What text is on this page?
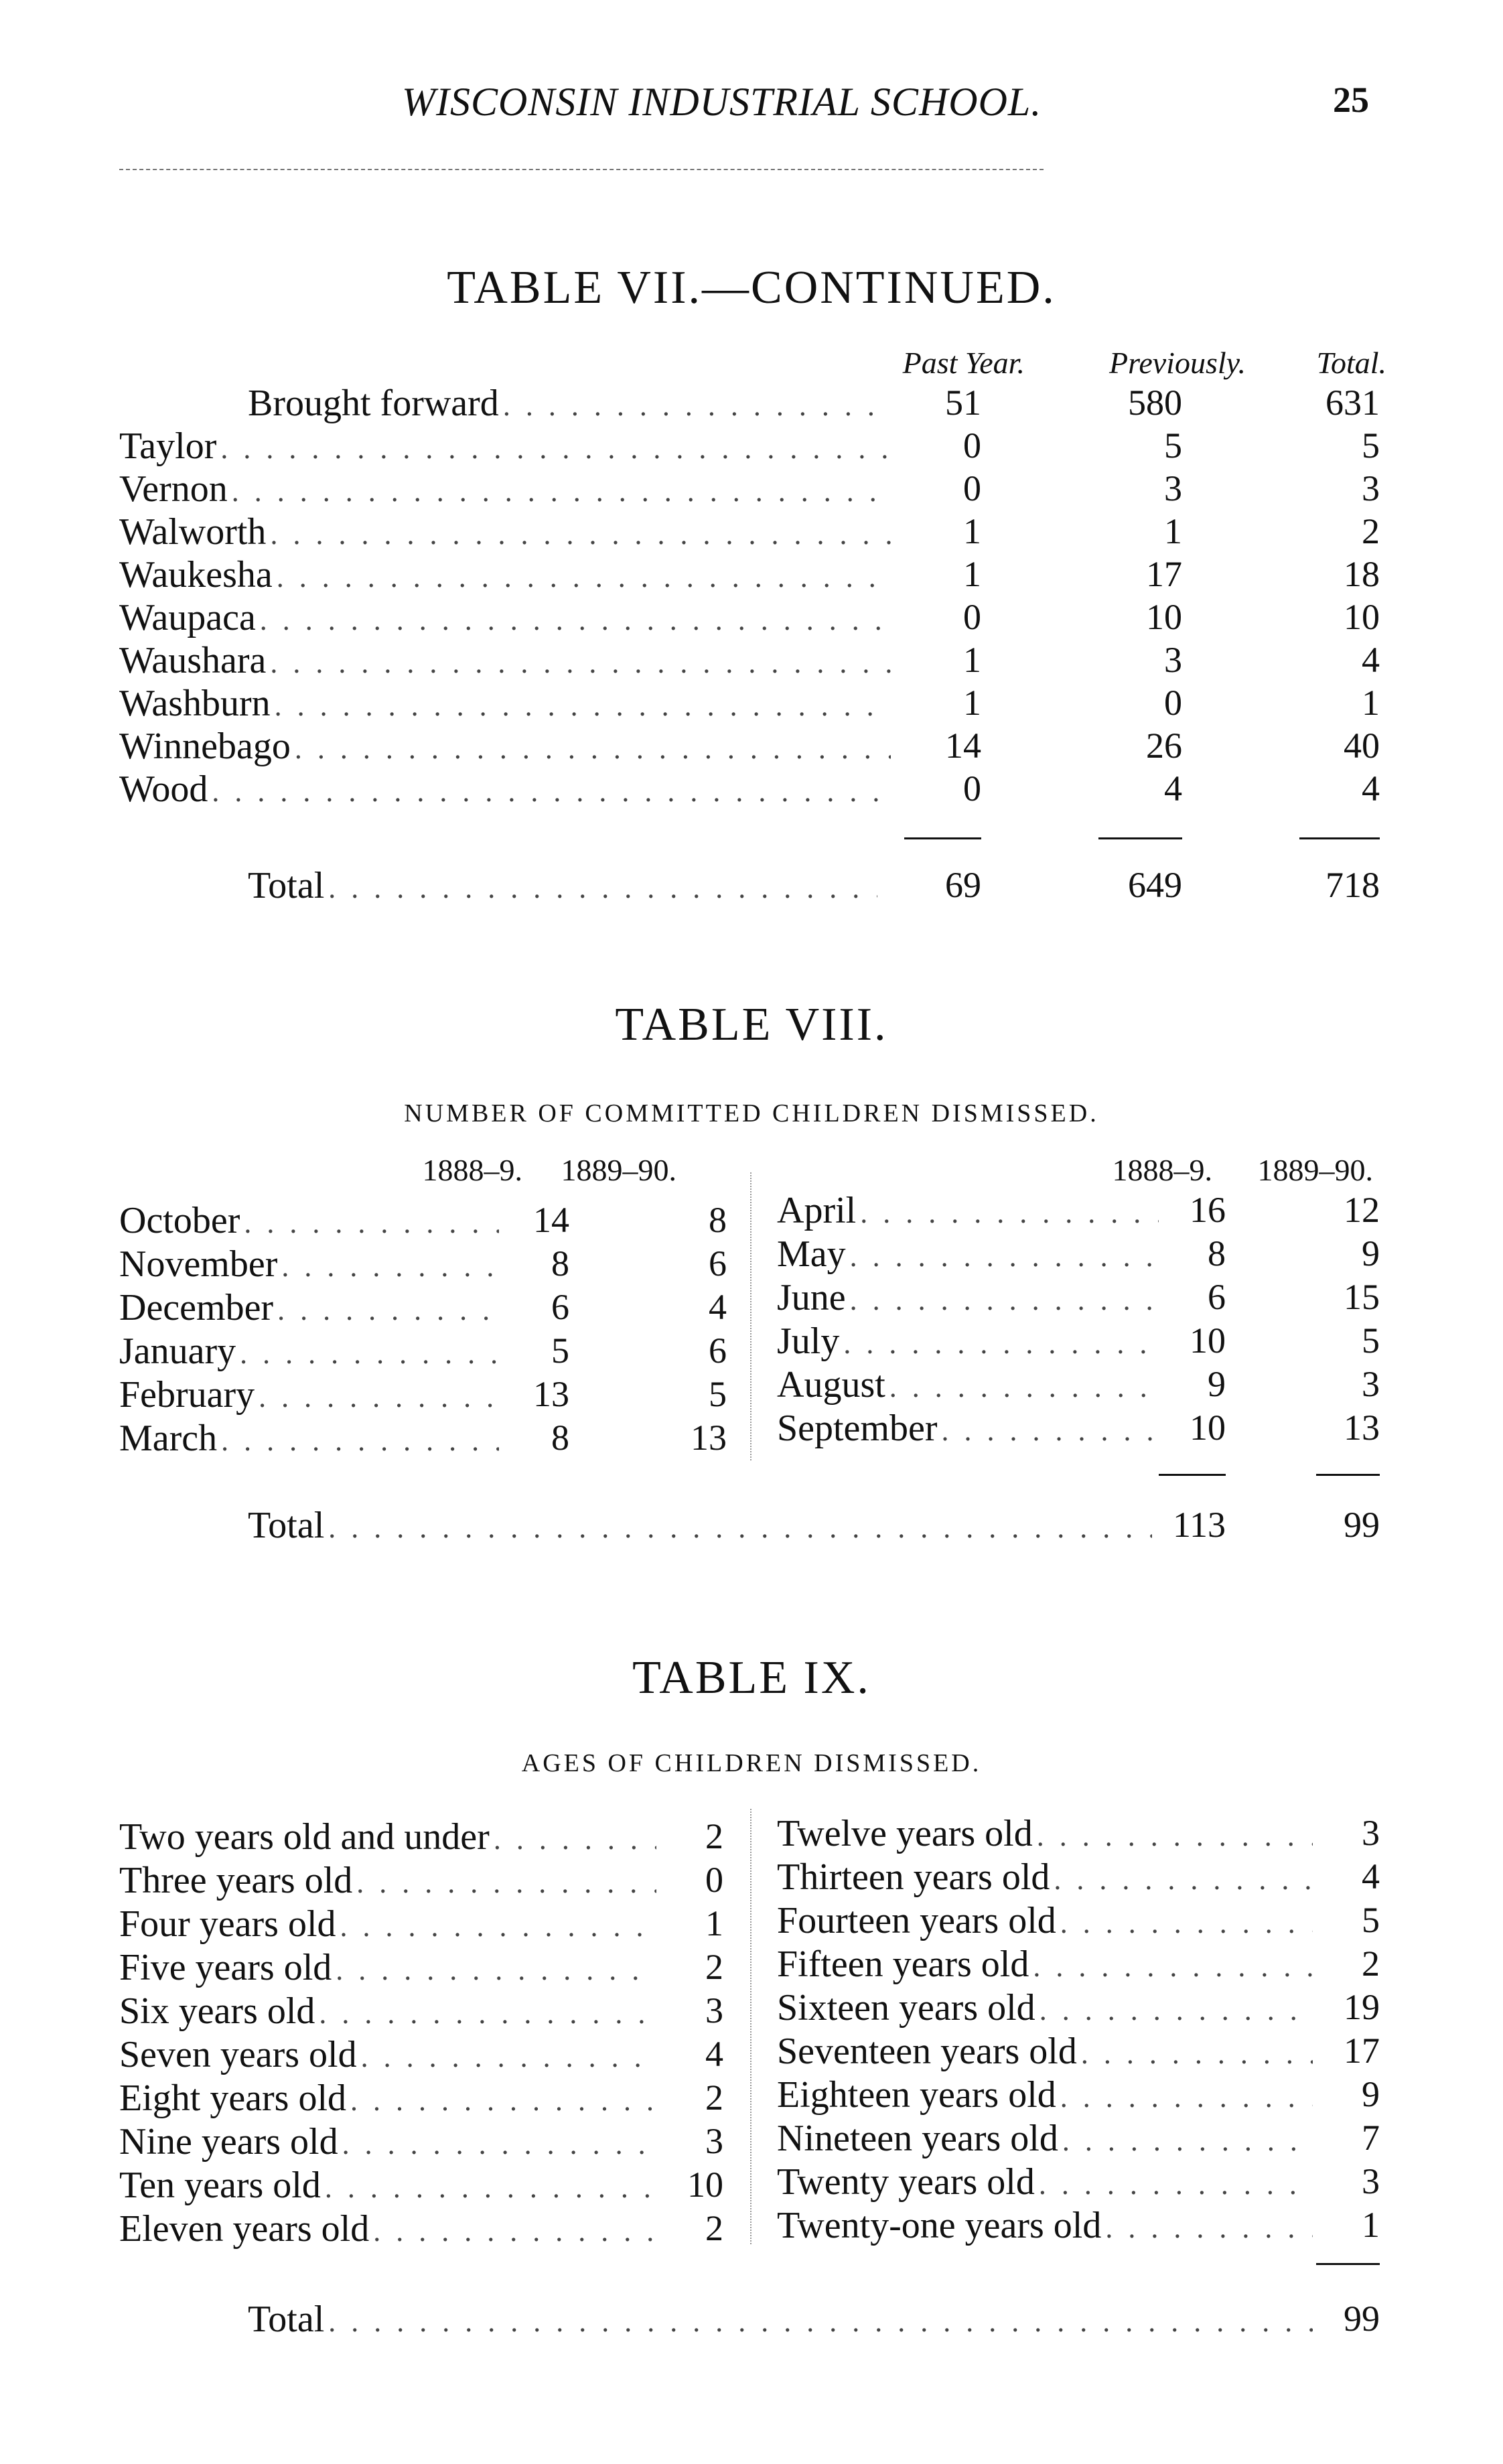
WISCONSIN INDUSTRIAL SCHOOL.	25
TABLE VII.—CONTINUED.
Past Year.	Previously.	Total.
Brought forward . . .	51	580	631
Taylor . . .	0	5	5
Vernon . . .	0	3	3
Walworth . . .	1	1	2
Waukesha . . .	1	17	18
Waupaca . . .	0	10	10
Waushara . . .	1	3	4
Washburn . . .	1	0	1
Winnebago . . .	14	26	40
Wood . . .	0	4	4
Total . . .	69	649	718
TABLE VIII.
NUMBER OF COMMITTED CHILDREN DISMISSED.
1888–9.	1889–90.	1888–9.	1889–90.
October . . .	14	8
November . . .	8	6
December . . .	6	4
January . . .	5	6
February . . .	13	5
March . . .	8	13
April . . .	16	12
May . . .	8	9
June . . .	6	15
July . . .	10	5
August . . .	9	3
September . . .	10	13
Total . . .	113	99
TABLE IX.
AGES OF CHILDREN DISMISSED.
Two years old and under . . .	2
Three years old . . .	0
Four years old . . .	1
Five years old . . .	2
Six years old . . .	3
Seven years old . . .	4
Eight years old . . .	2
Nine years old . . .	3
Ten years old . . .	10
Eleven years old . . .	2
Twelve years old . . .	3
Thirteen years old . . .	4
Fourteen years old . . .	5
Fifteen years old . . .	2
Sixteen years old . . .	19
Seventeen years old . . .	17
Eighteen years old . . .	9
Nineteen years old . . .	7
Twenty years old . . .	3
Twenty-one years old . . .	1
Total . . .	99
